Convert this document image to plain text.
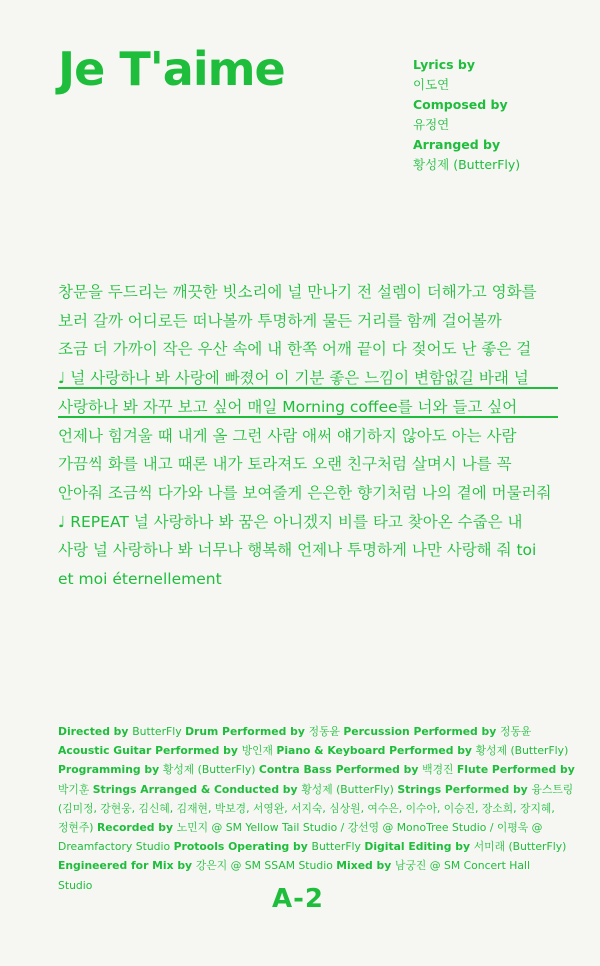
Je T'aime	Lyrics by
이도연
Composed by
유정연
Arranged by
황성제 (ButterFly)
창문을 두드리는 깨끗한 빗소리에 널 만나기 전 설렘이 더해가고 영화를
보러 갈까 어디로든 떠나볼까 투명하게 물든 거리를 함께 걸어볼까
조금 더 가까이 작은 우산 속에 내 한쪽 어깨 끝이 다 젖어도 난 좋은 걸
♩ 널 사랑하나 봐 사랑에 빠졌어 이 기분 좋은 느낌이 변함없길 바래 널
사랑하나 봐 자꾸 보고 싶어 매일 Morning coffee를 너와 들고 싶어
언제나 힘겨울 때 내게 올 그런 사람 애써 얘기하지 않아도 아는 사람
가끔씩 화를 내고 때론 내가 토라져도 오랜 친구처럼 살며시 나를 꼭
안아줘 조금씩 다가와 나를 보여줄게 은은한 향기처럼 나의 곁에 머물러줘
♩ REPEAT 널 사랑하나 봐 꿈은 아니겠지 비를 타고 찾아온 수줍은 내
사랑 널 사랑하나 봐 너무나 행복해 언제나 투명하게 나만 사랑해 줘 toi
et moi éternellement
Directed by ButterFly Drum Performed by 정동윤 Percussion Performed by 정동윤
Acoustic Guitar Performed by 방인재 Piano & Keyboard Performed by 황성제 (ButterFly)
Programming by 황성제 (ButterFly) Contra Bass Performed by 백경진 Flute Performed by
박기훈 Strings Arranged & Conducted by 황성제 (ButterFly) Strings Performed by 융스트링
(김미정, 강현웅, 김신혜, 김재현, 박보경, 서영완, 서지숙, 심상원, 여수은, 이수아, 이승진, 장소희, 장지혜,
정현주) Recorded by 노민지 @ SM Yellow Tail Studio / 강선영 @ MonoTree Studio / 이평욱 @
Dreamfactory Studio Protools Operating by ButterFly Digital Editing by 서미래 (ButterFly)
Engineered for Mix by 강은지 @ SM SSAM Studio Mixed by 남궁진 @ SM Concert Hall
Studio	A-2
